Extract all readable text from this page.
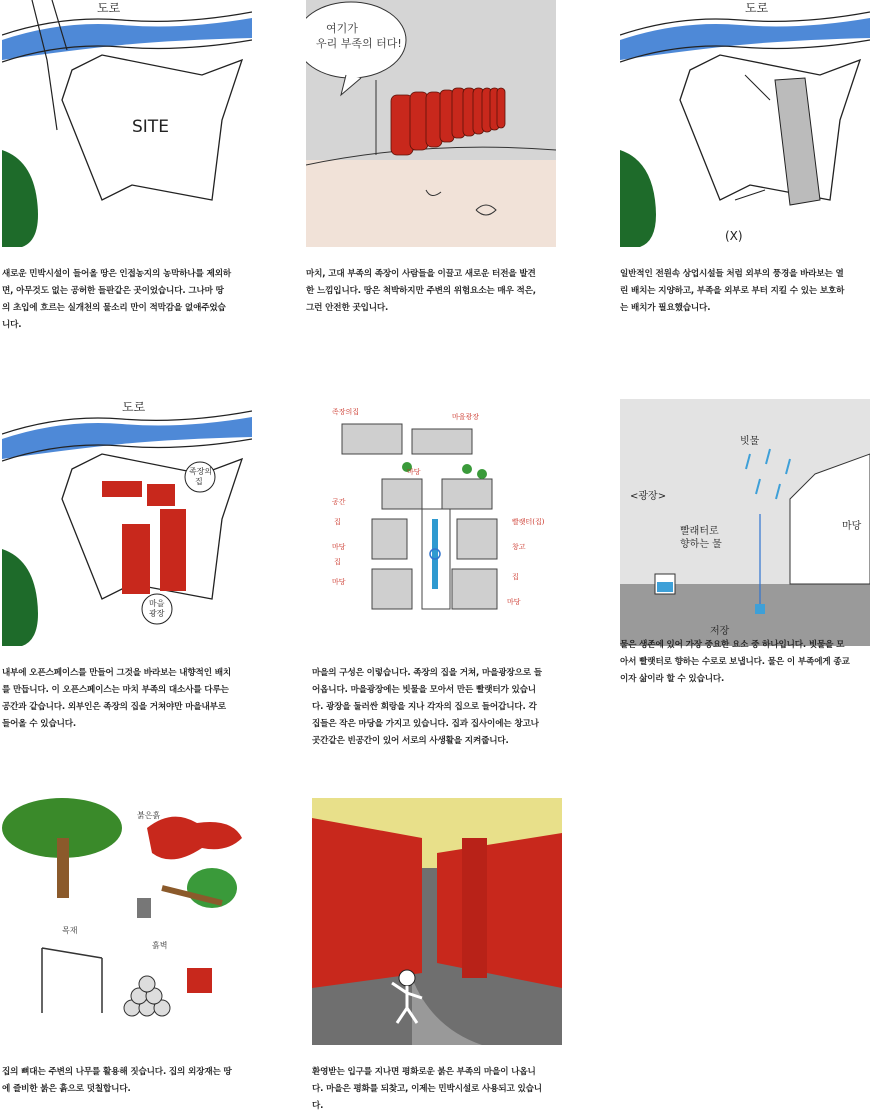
SITE
도로
새로운 민박시설이 들어올 땅은 인접농지의 농막하나를 제외하
면, 아무것도 없는 공허한 들판같은 곳이었습니다. 그나마 땅
의 초입에 흐르는 실개천의 물소리 만이 적막감을 없애주었습
니다.
여기가 우리 부족의 터다!
마치, 고대 부족의 족장이 사람들을 이끌고 새로운 터전을 발견
한 느낌입니다. 땅은 척박하지만 주변의 위험요소는 매우 적은,
그런 안전한 곳입니다.
(X)
도로
일반적인 전원속 상업시설들 처럼 외부의 풍경을 바라보는 열
린 배치는 지양하고, 부족을 외부로 부터 지킬 수 있는 보호하
는 배치가 필요했습니다.
족장의 집
마을 광장
도로
내부에 오픈스페이스를 만들어 그것을 바라보는 내향적인 배치
를 만듭니다. 이 오픈스페이스는 마치 부족의 대소사를 다루는
공간과 같습니다. 외부인은 족장의 집을 거쳐야만 마을내부로
들어올 수 있습니다.
족장의집
마을광장
공간
집
마당
집
마당
빨랫터(집)
창고
집
마당
마당
마을의 구성은 이렇습니다. 족장의 집을 거쳐, 마을광장으로 들
어옵니다. 마을광장에는 빗물을 모아서 만든 빨랫터가 있습니
다. 광장을 둘러싼 회랑을 지나 각자의 집으로 들어갑니다. 각
집들은 작은 마당을 가지고 있습니다. 집과 집사이에는 창고나
곳간같은 빈공간이 있어 서로의 사생활을 지켜줍니다.
빗물
<광장>
빨래터로 향하는 물
마당
저장
물은 생존에 있어 가장 중요한 요소 중 하나입니다. 빗물을 모
아서 빨랫터로 향하는 수로로 보냅니다. 물은 이 부족에게 종교
이자 삶이라 할 수 있습니다.
붉은흙
목재
흙벽
집의 뼈대는 주변의 나무를 활용해 짓습니다. 집의 외장재는 땅
에 즐비한 붉은 흙으로 덧칠합니다.
환영받는 입구를 지나면 평화로운 붉은 부족의 마을이 나옵니
다. 마을은 평화를 되찾고, 이제는 민박시설로 사용되고 있습니
다.
